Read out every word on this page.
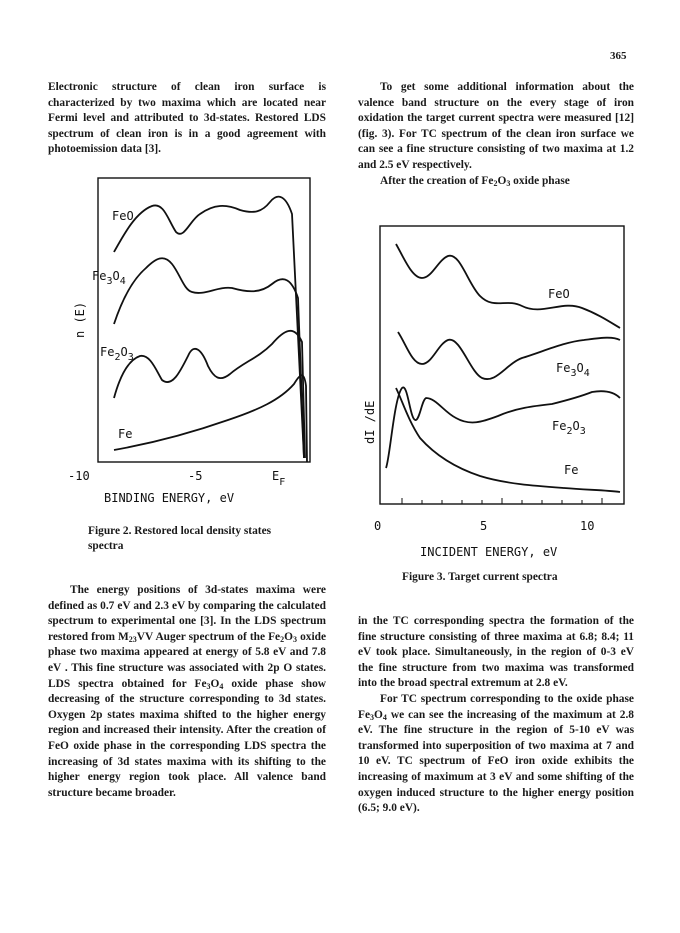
365

Electronic structure of clean iron surface is characterized by two maxima which are located near Fermi level and attributed to 3d-states. Restored LDS spectrum of clean iron is in a good agreement with photoemission data [3].

FeO
$Fe_3O_4$
$Fe_2O_3$
Fe
n (E)
-10	-5	$E_F$
BINDING ENERGY, eV
Figure 2. Restored local density states spectra

The energy positions of 3d-states maxima were defined as 0.7 eV and 2.3 eV by comparing the calculated spectrum to experimental one [3]. In the LDS spectrum restored from $M_{23}VV$ Auger spectrum of the $Fe_2O_3$ oxide phase two maxima appeared at energy of 5.8 eV and 7.8 eV . This fine structure was associated with 2p O states. LDS spectra obtained for $Fe_3O_4$ oxide phase show decreasing of the structure corresponding to 3d states. Oxygen 2p states maxima shifted to the higher energy region and increased their intensity. After the creation of FeO oxide phase in the corresponding LDS spectra the increasing of 3d states maxima with its shifting to the higher energy region took place. All valence band structure became broader.

To get some additional information about the valence band structure on the every stage of iron oxidation the target current spectra were measured [12] (fig. 3). For TC spectrum of the clean iron surface we can see a fine structure consisting of two maxima at 1.2 and 2.5 eV respectively.

After the creation of $Fe_2O_3$ oxide phase

FeO
$Fe_3O_4$
$Fe_2O_3$
Fe
dI /dE
0	5	10
INCIDENT ENERGY, eV
Figure 3. Target current spectra

in the TC corresponding spectra the formation of the fine structure consisting of three maxima at 6.8; 8.4; 11 eV took place. Simultaneously, in the region of 0-3 eV the fine structure from two maxima was transformed into the broad spectral extremum at 2.8 eV.

For TC spectrum corresponding to the oxide phase $Fe_3O_4$ we can see the increasing of the maximum at 2.8 eV. The fine structure in the region of 5-10 eV was transformed into superposition of two maxima at 7 and 10 eV. TC spectrum of FeO iron oxide exhibits the increasing of maximum at 3 eV and some shifting of the oxygen induced structure to the higher energy position (6.5; 9.0 eV).
